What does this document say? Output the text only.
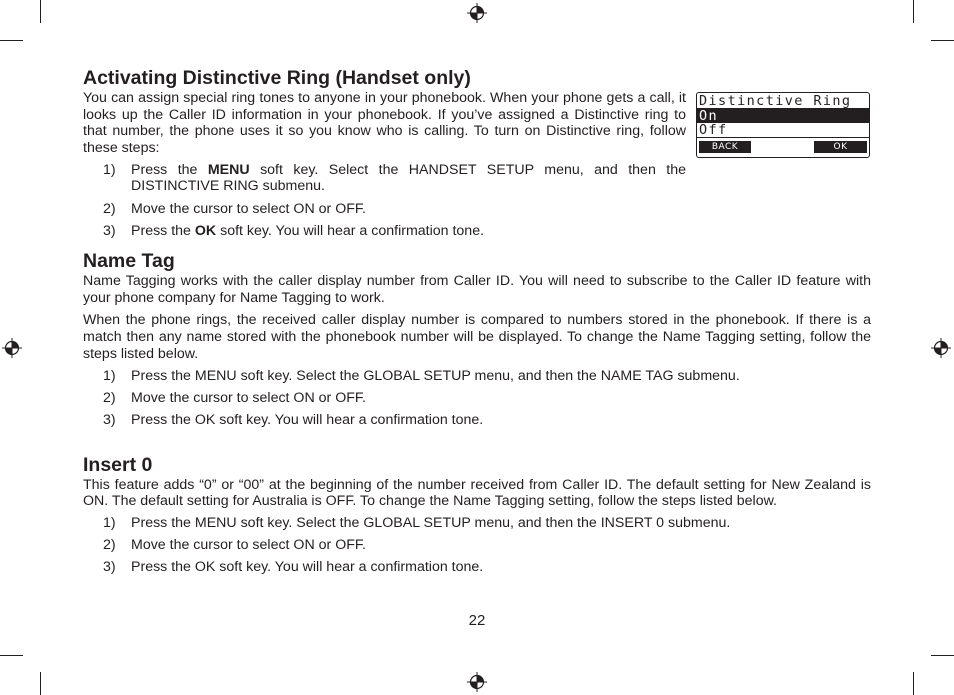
Distinctive Ring
On
Off
BACK	OK
Activating Distinctive Ring (Handset only)

You can assign special ring tones to anyone in your phonebook. When your phone gets a call, it looks up the Caller ID information in your phonebook. If you’ve assigned a Distinctive ring to that number, the phone uses it so you know who is calling. To turn on Distinctive ring, follow these steps:

1) Press the MENU soft key. Select the HANDSET SETUP menu, and then the DISTINCTIVE RING submenu.
2) Move the cursor to select ON or OFF.
3) Press the OK soft key. You will hear a confirmation tone.
Name Tag

Name Tagging works with the caller display number from Caller ID. You will need to subscribe to the Caller ID feature with your phone company for Name Tagging to work.

When the phone rings, the received caller display number is compared to numbers stored in the phonebook. If there is a match then any name stored with the phonebook number will be displayed. To change the Name Tagging setting, follow the steps listed below.

1) Press the MENU soft key. Select the GLOBAL SETUP menu, and then the NAME TAG submenu.
2) Move the cursor to select ON or OFF.
3) Press the OK soft key. You will hear a confirmation tone.
Insert 0

This feature adds “0” or “00” at the beginning of the number received from Caller ID. The default setting for New Zealand is ON. The default setting for Australia is OFF. To change the Name Tagging setting, follow the steps listed below.

1) Press the MENU soft key. Select the GLOBAL SETUP menu, and then the INSERT 0 submenu.
2) Move the cursor to select ON or OFF.
3) Press the OK soft key. You will hear a confirmation tone.
22
